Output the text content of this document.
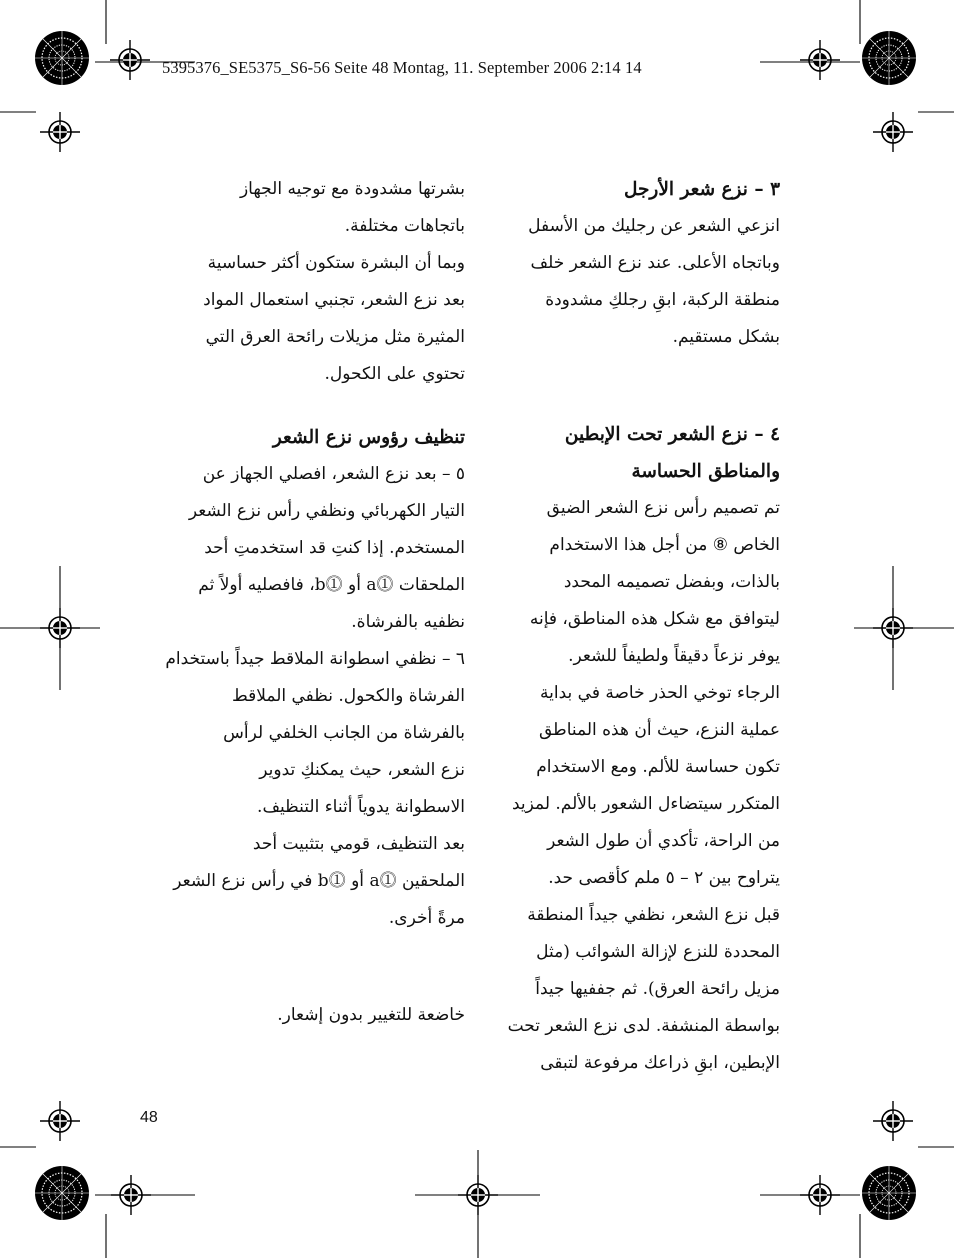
5395376_SE5375_S6-56 Seite 48 Montag, 11. September 2006 2:14 14

٣ – نزع شعر الأرجل

انزعي الشعر عن رجليك من الأسفل

وباتجاه الأعلى. عند نزع الشعر خلف

منطقة الركبة، ابقِ رجلكِ مشدودة

بشكل مستقيم.

٤ – نزع الشعر تحت الإبطين

والمناطق الحساسة

تم تصميم رأس نزع الشعر الضيق

الخاص ⑧ من أجل هذا الاستخدام

بالذات، وبفضل تصميمه المحدد

ليتوافق مع شكل هذه المناطق، فإنه

يوفر نزعاً دقيقاً ولطيفاً للشعر.

الرجاء توخي الحذر خاصة في بداية

عملية النزع، حيث أن هذه المناطق

تكون حساسة للألم. ومع الاستخدام

المتكرر سيتضاءل الشعور بالألم. لمزيد

من الراحة، تأكدي أن طول الشعر

يتراوح بين ٢ – ٥ ملم كأقصى حد.

قبل نزع الشعر، نظفي جيداً المنطقة

المحددة للنزع لإزالة الشوائب (مثل

مزيل رائحة العرق). ثم جففيها جيداً

بواسطة المنشفة. لدى نزع الشعر تحت

الإبطين، ابقِ ذراعك مرفوعة لتبقى

بشرتها مشدودة مع توجيه الجهاز

باتجاهات مختلفة.

وبما أن البشرة ستكون أكثر حساسية

بعد نزع الشعر، تجنبي استعمال المواد

المثيرة مثل مزيلات رائحة العرق التي

تحتوي على الكحول.

تنظيف رؤوس نزع الشعر

٥ – بعد نزع الشعر، افصلي الجهاز عن

التيار الكهربائي ونظفي رأس نزع الشعر

المستخدم. إذا كنتِ قد استخدمتِ أحد

الملحقات ⓵a أو ⓵b، فافصليه أولاً ثم

نظفيه بالفرشاة.

٦ – نظفي اسطوانة الملاقط جيداً باستخدام

الفرشاة والكحول. نظفي الملاقط

بالفرشاة من الجانب الخلفي لرأس

نزع الشعر، حيث يمكنكِ تدوير

الاسطوانة يدوياً أثناء التنظيف.

بعد التنظيف، قومي بتثبيت أحد

الملحقين ⓵a أو ⓵b في رأس نزع الشعر

مرةً أخرى.

خاضعة للتغيير بدون إشعار.

48
